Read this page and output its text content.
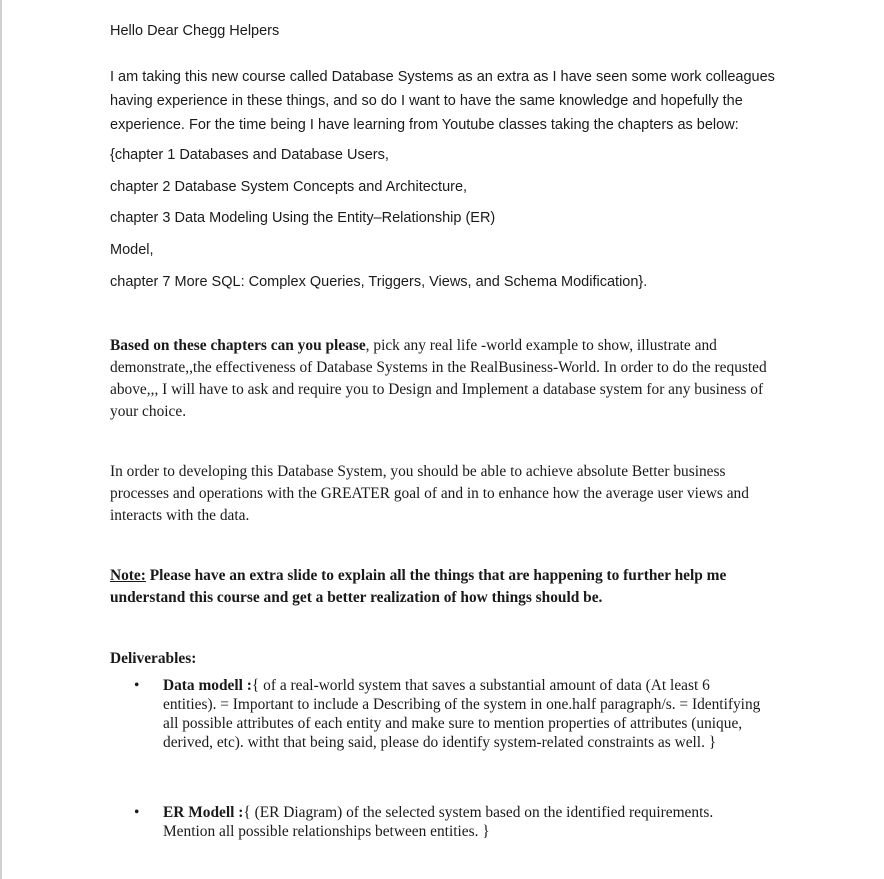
Hello Dear Chegg Helpers
I am taking this new course called Database Systems as an extra as I have seen some work colleagues having experience in these things, and so do I want to have the same knowledge and hopefully the experience. For the time being I have learning from Youtube classes taking the chapters as below:
{chapter 1 Databases and Database Users,
chapter 2 Database System Concepts and Architecture,
chapter 3 Data Modeling Using the Entity–Relationship (ER)
Model,
chapter 7 More SQL: Complex Queries, Triggers, Views, and Schema Modification}.
Based on these chapters can you please, pick any real life -world example to show, illustrate and demonstrate,,the effectiveness of Database Systems in the RealBusiness-World. In order to do the requsted above,,, I will have to ask and require you to Design and Implement a database system for any business of your choice.
In order to developing this Database System, you should be able to achieve absolute Better business processes and operations with the GREATER goal of and in to enhance how the average user views and interacts with the data.
Note: Please have an extra slide to explain all the things that are happening to further help me understand this course and get a better realization of how things should be.
Deliverables:
• Data modell :{ of a real-world system that saves a substantial amount of data (At least 6 entities). = Important to include a Describing of the system in one.half paragraph/s. = Identifying all possible attributes of each entity and make sure to mention properties of attributes (unique, derived, etc). witht that being said, please do identify system-related constraints as well. }
• ER Modell :{ (ER Diagram) of the selected system based on the identified requirements. Mention all possible relationships between entities. }
